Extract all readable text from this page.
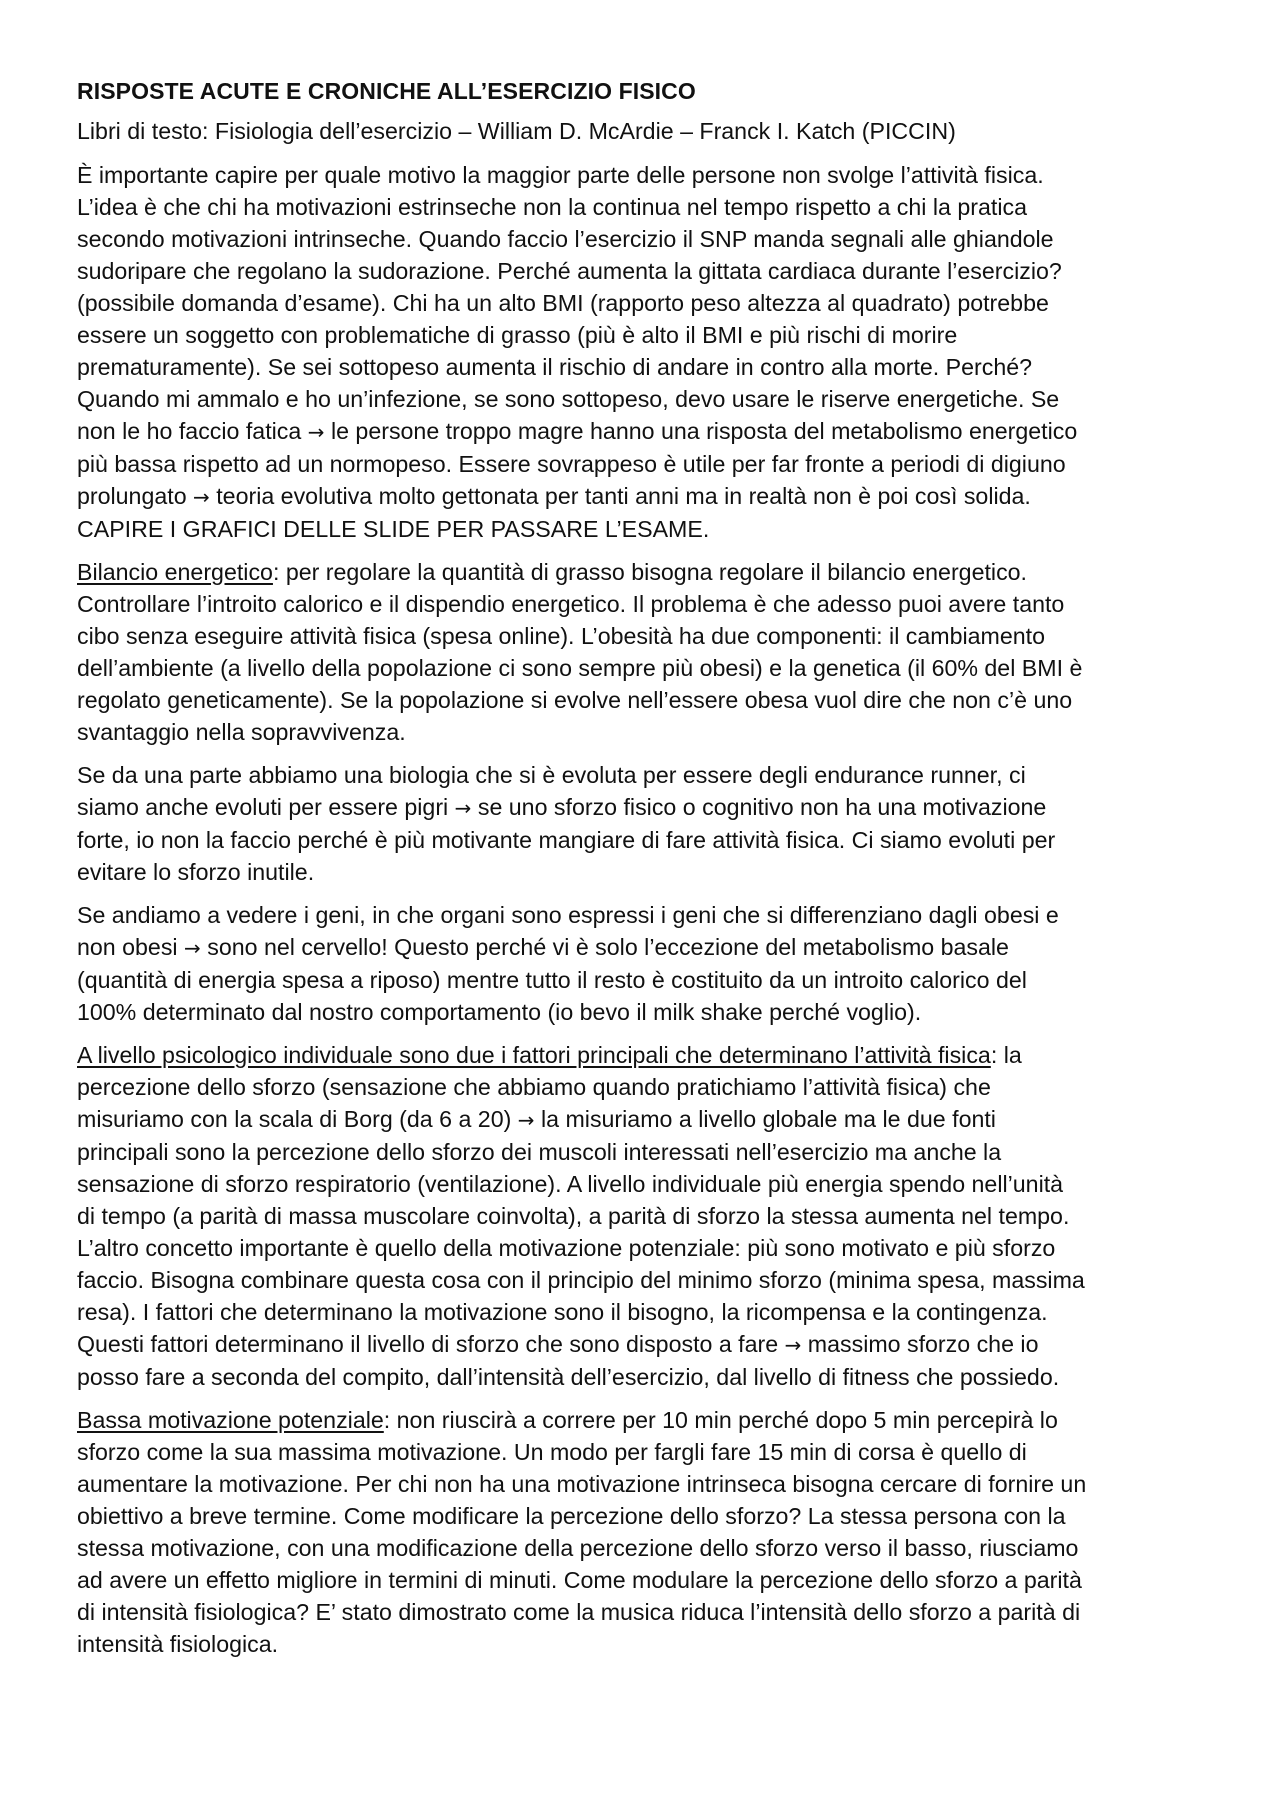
RISPOSTE ACUTE E CRONICHE ALL’ESERCIZIO FISICO
Libri di testo: Fisiologia dell’esercizio – William D. McArdie – Franck I. Katch (PICCIN)
È importante capire per quale motivo la maggior parte delle persone non svolge l’attività fisica.
L’idea è che chi ha motivazioni estrinseche non la continua nel tempo rispetto a chi la pratica
secondo motivazioni intrinseche. Quando faccio l’esercizio il SNP manda segnali alle ghiandole
sudoripare che regolano la sudorazione. Perché aumenta la gittata cardiaca durante l’esercizio?
(possibile domanda d’esame). Chi ha un alto BMI (rapporto peso altezza al quadrato) potrebbe
essere un soggetto con problematiche di grasso (più è alto il BMI e più rischi di morire
prematuramente). Se sei sottopeso aumenta il rischio di andare in contro alla morte. Perché?
Quando mi ammalo e ho un’infezione, se sono sottopeso, devo usare le riserve energetiche. Se
non le ho faccio fatica → le persone troppo magre hanno una risposta del metabolismo energetico
più bassa rispetto ad un normopeso. Essere sovrappeso è utile per far fronte a periodi di digiuno
prolungato → teoria evolutiva molto gettonata per tanti anni ma in realtà non è poi così solida.
CAPIRE I GRAFICI DELLE SLIDE PER PASSARE L’ESAME.
Bilancio energetico: per regolare la quantità di grasso bisogna regolare il bilancio energetico.
Controllare l’introito calorico e il dispendio energetico. Il problema è che adesso puoi avere tanto
cibo senza eseguire attività fisica (spesa online). L’obesità ha due componenti: il cambiamento
dell’ambiente (a livello della popolazione ci sono sempre più obesi) e la genetica (il 60% del BMI è
regolato geneticamente). Se la popolazione si evolve nell’essere obesa vuol dire che non c’è uno
svantaggio nella sopravvivenza.
Se da una parte abbiamo una biologia che si è evoluta per essere degli endurance runner, ci
siamo anche evoluti per essere pigri → se uno sforzo fisico o cognitivo non ha una motivazione
forte, io non la faccio perché è più motivante mangiare di fare attività fisica. Ci siamo evoluti per
evitare lo sforzo inutile.
Se andiamo a vedere i geni, in che organi sono espressi i geni che si differenziano dagli obesi e
non obesi → sono nel cervello! Questo perché vi è solo l’eccezione del metabolismo basale
(quantità di energia spesa a riposo) mentre tutto il resto è costituito da un introito calorico del
100% determinato dal nostro comportamento (io bevo il milk shake perché voglio).
A livello psicologico individuale sono due i fattori principali che determinano l’attività fisica: la
percezione dello sforzo (sensazione che abbiamo quando pratichiamo l’attività fisica) che
misuriamo con la scala di Borg (da 6 a 20) → la misuriamo a livello globale ma le due fonti
principali sono la percezione dello sforzo dei muscoli interessati nell’esercizio ma anche la
sensazione di sforzo respiratorio (ventilazione). A livello individuale più energia spendo nell’unità
di tempo (a parità di massa muscolare coinvolta), a parità di sforzo la stessa aumenta nel tempo.
L’altro concetto importante è quello della motivazione potenziale: più sono motivato e più sforzo
faccio. Bisogna combinare questa cosa con il principio del minimo sforzo (minima spesa, massima
resa). I fattori che determinano la motivazione sono il bisogno, la ricompensa e la contingenza.
Questi fattori determinano il livello di sforzo che sono disposto a fare → massimo sforzo che io
posso fare a seconda del compito, dall’intensità dell’esercizio, dal livello di fitness che possiedo.
Bassa motivazione potenziale: non riuscirà a correre per 10 min perché dopo 5 min percepirà lo
sforzo come la sua massima motivazione. Un modo per fargli fare 15 min di corsa è quello di
aumentare la motivazione. Per chi non ha una motivazione intrinseca bisogna cercare di fornire un
obiettivo a breve termine. Come modificare la percezione dello sforzo? La stessa persona con la
stessa motivazione, con una modificazione della percezione dello sforzo verso il basso, riusciamo
ad avere un effetto migliore in termini di minuti. Come modulare la percezione dello sforzo a parità
di intensità fisiologica? E’ stato dimostrato come la musica riduca l’intensità dello sforzo a parità di
intensità fisiologica.
